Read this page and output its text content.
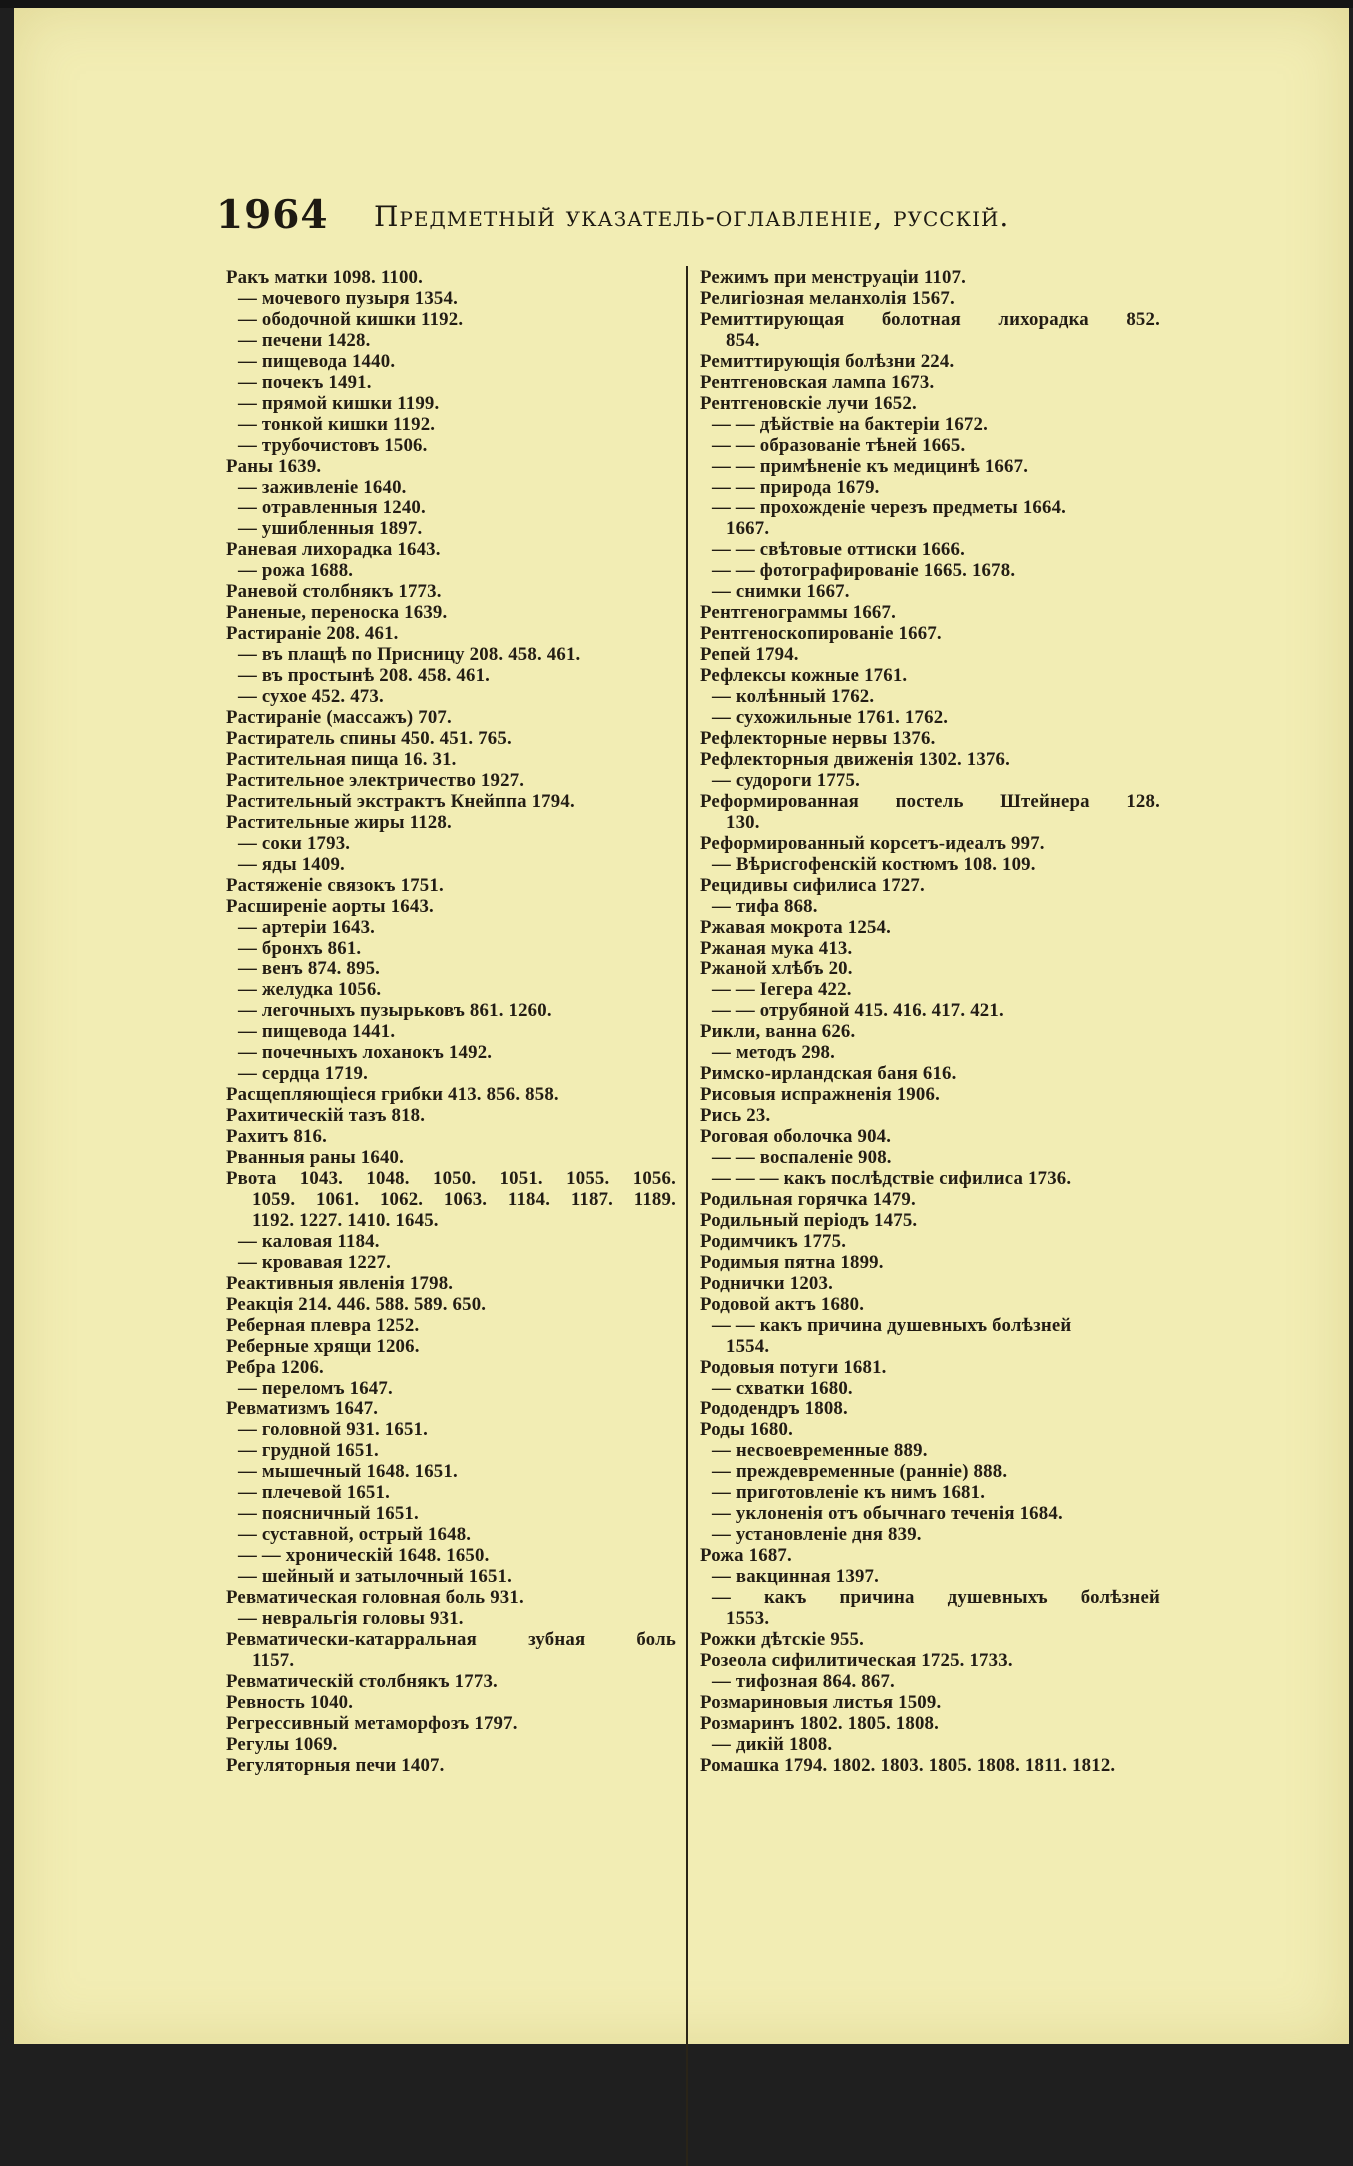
1964 Предметный указатель-оглавленіе, русскій.
Ракъ матки 1098. 1100.
— мочевого пузыря 1354.
— ободочной кишки 1192.
— печени 1428.
— пищевода 1440.
— почекъ 1491.
— прямой кишки 1199.
— тонкой кишки 1192.
— трубочистовъ 1506.
Раны 1639.
— заживленіе 1640.
— отравленныя 1240.
— ушибленныя 1897.
Раневая лихорадка 1643.
— рожа 1688.
Раневой столбнякъ 1773.
Раненые, переноска 1639.
Растираніе 208. 461.
— въ плащѣ по Присницу 208. 458. 461.
— въ простынѣ 208. 458. 461.
— сухое 452. 473.
Растираніе (массажъ) 707.
Растиратель спины 450. 451. 765.
Растительная пища 16. 31.
Растительное электричество 1927.
Растительный экстрактъ Кнейппа 1794.
Растительные жиры 1128.
— соки 1793.
— яды 1409.
Растяженіе связокъ 1751.
Расширеніе аорты 1643.
— артеріи 1643.
— бронхъ 861.
— венъ 874. 895.
— желудка 1056.
— легочныхъ пузырьковъ 861. 1260.
— пищевода 1441.
— почечныхъ лоханокъ 1492.
— сердца 1719.
Расщепляющіеся грибки 413. 856. 858.
Рахитическій тазъ 818.
Рахитъ 816.
Рванныя раны 1640.
Рвота 1043. 1048. 1050. 1051. 1055. 1056.
1059. 1061. 1062. 1063. 1184. 1187. 1189.
1192. 1227. 1410. 1645.
— каловая 1184.
— кровавая 1227.
Реактивныя явленія 1798.
Реакція 214. 446. 588. 589. 650.
Реберная плевра 1252.
Реберные хрящи 1206.
Ребра 1206.
— переломъ 1647.
Ревматизмъ 1647.
— головной 931. 1651.
— грудной 1651.
— мышечный 1648. 1651.
— плечевой 1651.
— поясничный 1651.
— суставной, острый 1648.
— — хроническій 1648. 1650.
— шейный и затылочный 1651.
Ревматическая головная боль 931.
— невральгія головы 931.
Ревматически-катарральная зубная боль
1157.
Ревматическій столбнякъ 1773.
Ревность 1040.
Регрессивный метаморфозъ 1797.
Регулы 1069.
Регуляторныя печи 1407.
Режимъ при менструаціи 1107.
Религіозная меланхолія 1567.
Ремиттирующая болотная лихорадка 852.
854.
Ремиттирующія болѣзни 224.
Рентгеновская лампа 1673.
Рентгеновскіе лучи 1652.
— — дѣйствіе на бактеріи 1672.
— — образованіе тѣней 1665.
— — примѣненіе къ медицинѣ 1667.
— — природа 1679.
— — прохожденіе черезъ предметы 1664.
1667.
— — свѣтовые оттиски 1666.
— — фотографированіе 1665. 1678.
— снимки 1667.
Рентгенограммы 1667.
Рентгеноскопированіе 1667.
Репей 1794.
Рефлексы кожные 1761.
— колѣнный 1762.
— сухожильные 1761. 1762.
Рефлекторные нервы 1376.
Рефлекторныя движенія 1302. 1376.
— судороги 1775.
Реформированная постель Штейнера 128.
130.
Реформированный корсетъ-идеалъ 997.
— Вѣрисгофенскій костюмъ 108. 109.
Рецидивы сифилиса 1727.
— тифа 868.
Ржавая мокрота 1254.
Ржаная мука 413.
Ржаной хлѣбъ 20.
— — Іегера 422.
— — отрубяной 415. 416. 417. 421.
Рикли, ванна 626.
— методъ 298.
Римско-ирландская баня 616.
Рисовыя испражненія 1906.
Рись 23.
Роговая оболочка 904.
— — воспаленіе 908.
— — — какъ послѣдствіе сифилиса 1736.
Родильная горячка 1479.
Родильный періодъ 1475.
Родимчикъ 1775.
Родимыя пятна 1899.
Роднички 1203.
Родовой актъ 1680.
— — какъ причина душевныхъ болѣзней
1554.
Родовыя потуги 1681.
— схватки 1680.
Рододендръ 1808.
Роды 1680.
— несвоевременные 889.
— преждевременные (ранніе) 888.
— приготовленіе къ нимъ 1681.
— уклоненія отъ обычнаго теченія 1684.
— установленіе дня 839.
Рожа 1687.
— вакцинная 1397.
— какъ причина душевныхъ болѣзней
1553.
Рожки дѣтскіе 955.
Розеола сифилитическая 1725. 1733.
— тифозная 864. 867.
Розмариновыя листья 1509.
Розмаринъ 1802. 1805. 1808.
— дикій 1808.
Ромашка 1794. 1802. 1803. 1805. 1808. 1811. 1812.
